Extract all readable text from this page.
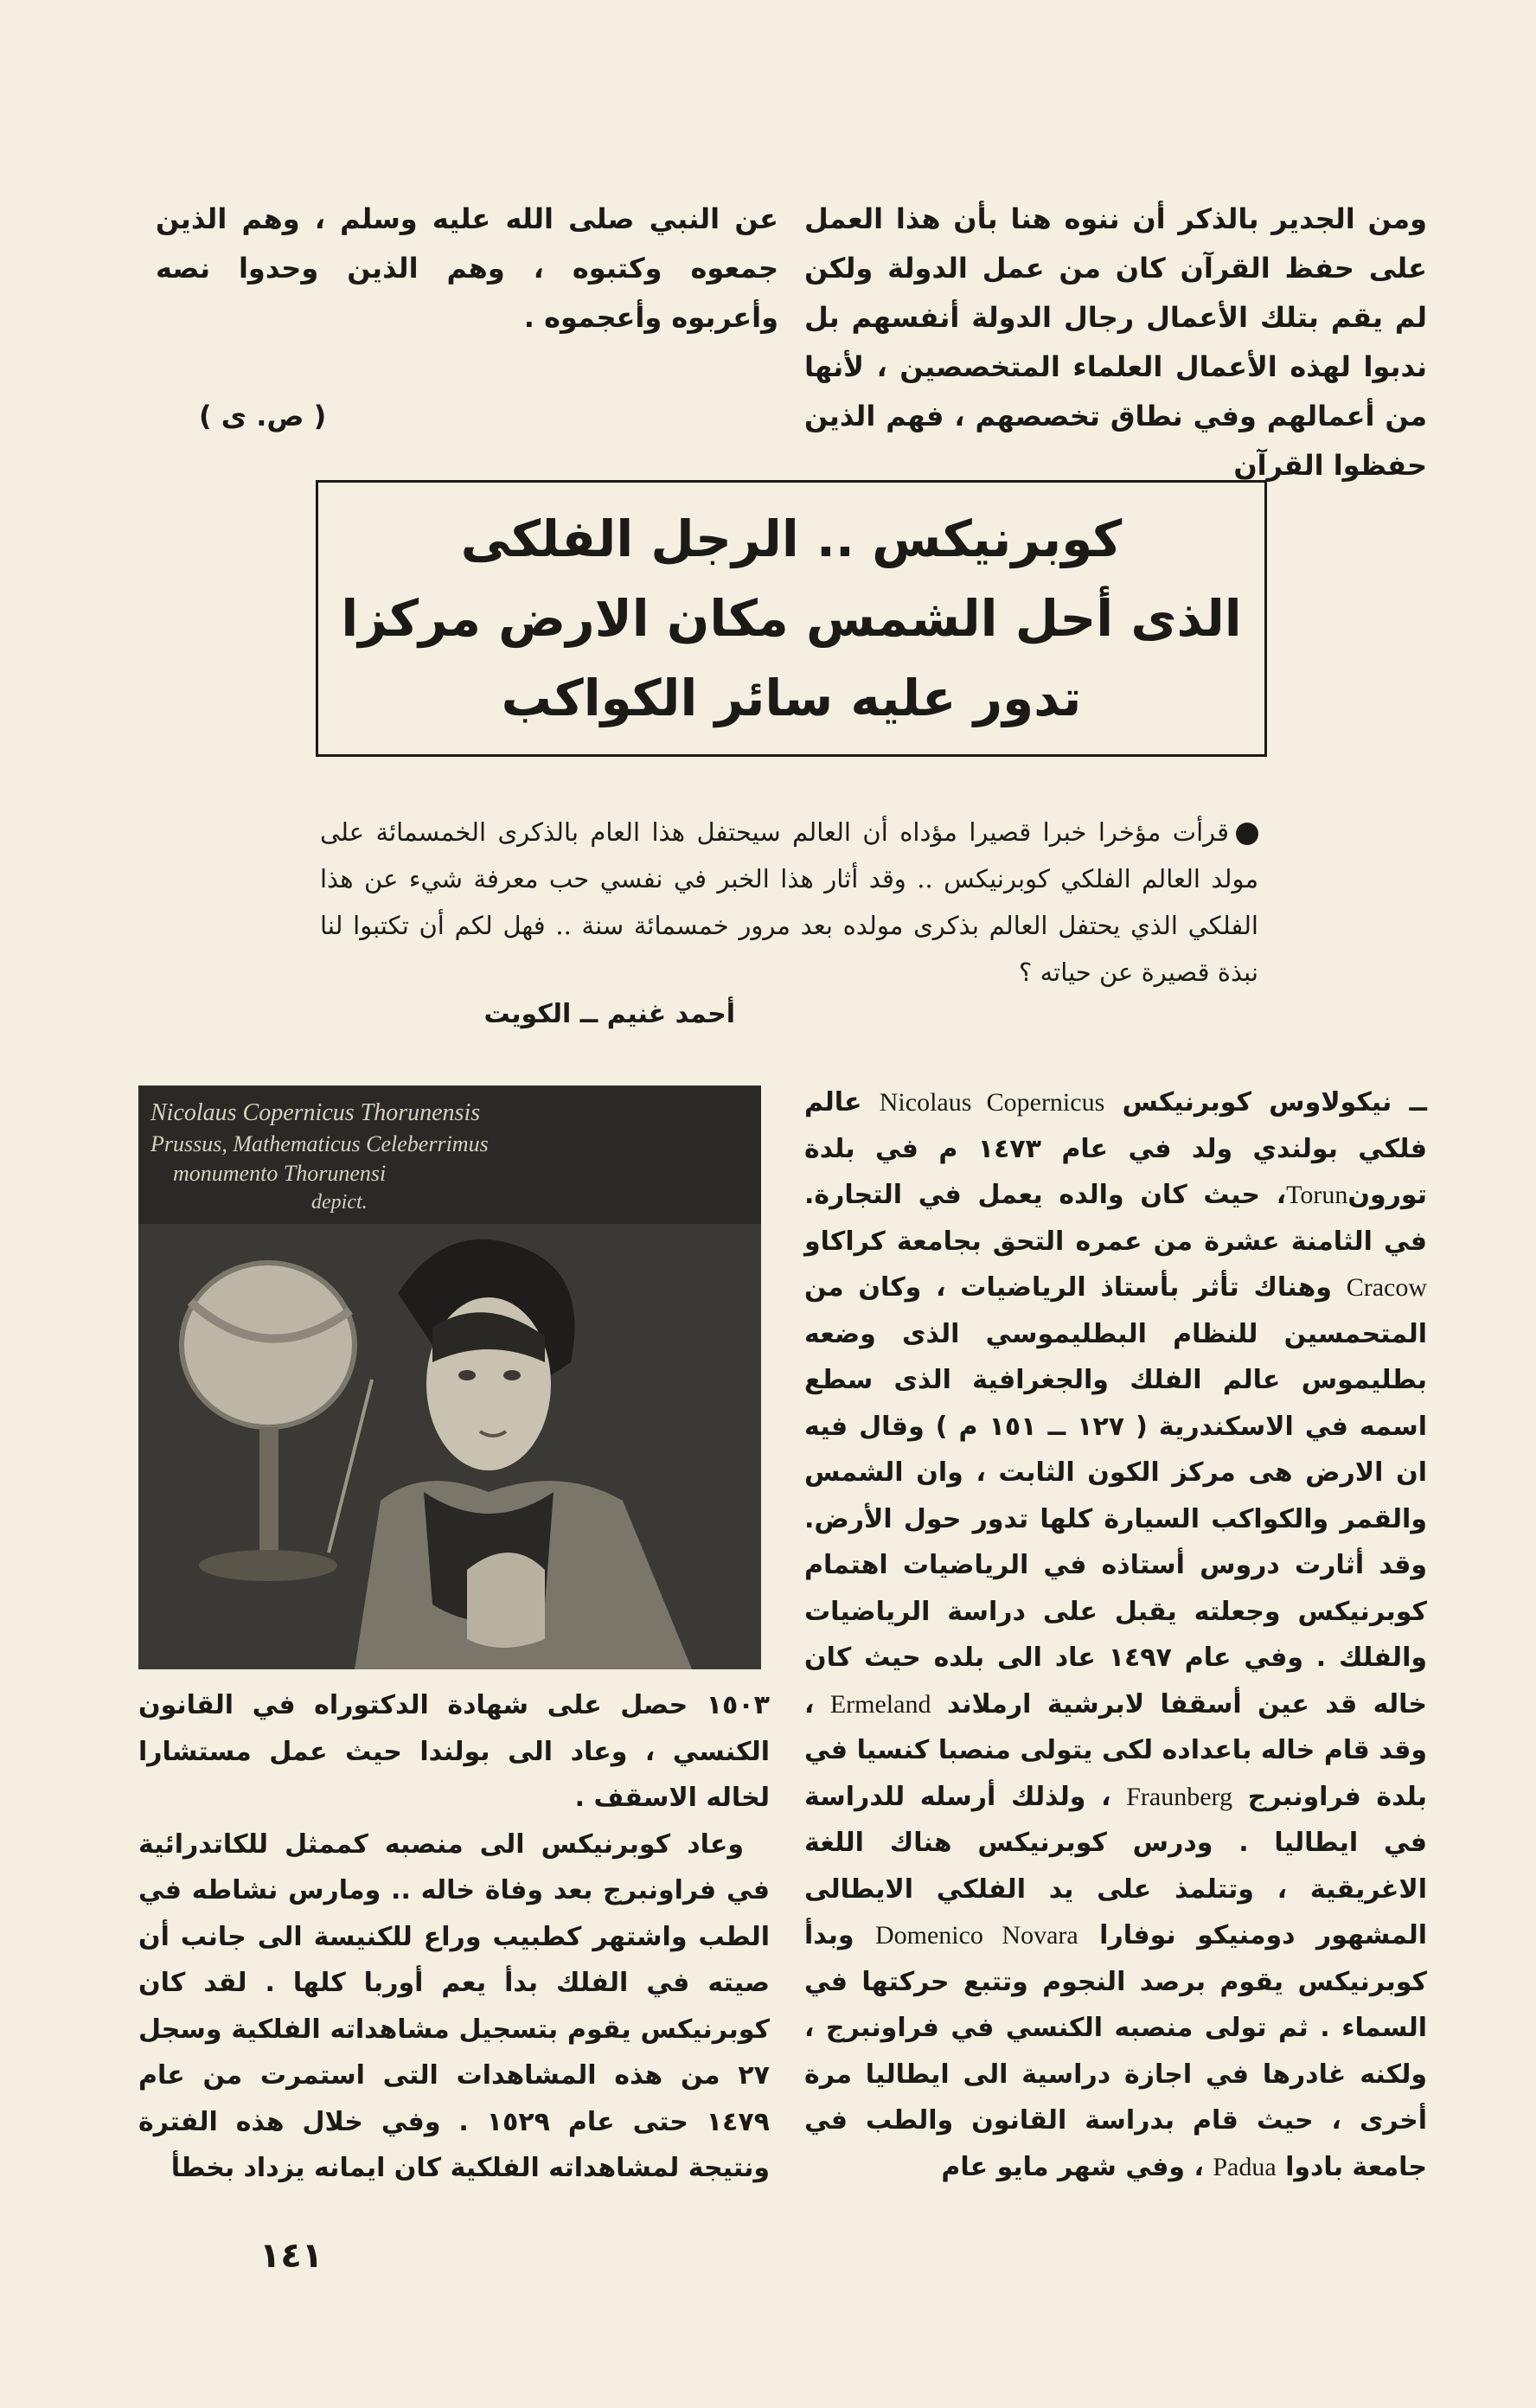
ومن الجدير بالذكر أن ننوه هنا بأن هذا العمل على حفظ القرآن كان من عمل الدولة ولكن لم يقم بتلك الأعمال رجال الدولة أنفسهم بل ندبوا لهذه الأعمال العلماء المتخصصين ، لأنها من أعمالهم وفي نطاق تخصصهم ، فهم الذين حفظوا القرآن

عن النبي صلى الله عليه وسلم ، وهم الذين جمعوه وكتبوه ، وهم الذين وحدوا نصه وأعربوه وأعجموه .

( ص. ى )
كوبرنيكس .. الرجل الفلكى
الذى أحل الشمس مكان الارض مركزا
تدور عليه سائر الكواكب
قرأت مؤخرا خبرا قصيرا مؤداه أن العالم سيحتفل هذا العام بالذكرى الخمسمائة على مولد العالم الفلكي كوبرنيكس .. وقد أثار هذا الخبر في نفسي حب معرفة شيء عن هذا الفلكي الذي يحتفل العالم بذكرى مولده بعد مرور خمسمائة سنة .. فهل لكم أن تكتبوا لنا نبذة قصيرة عن حياته ؟
أحمد غنيم ــ الكويت
Nicolaus Copernicus Thorunensis
Prussus, Mathematicus Celeberrimus
monumento Thorunensi
depict.

ــ نيكولاوس كوبرنيكس Nicolaus Copernicus عالم فلكي بولندي ولد في عام ١٤٧٣ م في بلدة تورونTorun، حيث كان والده يعمل في التجارة. في الثامنة عشرة من عمره التحق بجامعة كراكاو Cracow وهناك تأثر بأستاذ الرياضيات ، وكان من المتحمسين للنظام البطليموسي الذى وضعه بطليموس عالم الفلك والجغرافية الذى سطع اسمه في الاسكندرية ( ١٢٧ ــ ١٥١ م ) وقال فيه ان الارض هى مركز الكون الثابت ، وان الشمس والقمر والكواكب السيارة كلها تدور حول الأرض. وقد أثارت دروس أستاذه في الرياضيات اهتمام كوبرنيكس وجعلته يقبل على دراسة الرياضيات والفلك . وفي عام ١٤٩٧ عاد الى بلده حيث كان خاله قد عين أسقفا لابرشية ارملاند Ermeland ، وقد قام خاله باعداده لكى يتولى منصبا كنسيا في بلدة فراونبرج Fraunberg ، ولذلك أرسله للدراسة في ايطاليا . ودرس كوبرنيكس هناك اللغة الاغريقية ، وتتلمذ على يد الفلكي الايطالى المشهور دومنيكو نوفارا Domenico Novara وبدأ كوبرنيكس يقوم برصد النجوم وتتبع حركتها في السماء . ثم تولى منصبه الكنسي في فراونبرج ، ولكنه غادرها في اجازة دراسية الى ايطاليا مرة أخرى ، حيث قام بدراسة القانون والطب في جامعة بادوا Padua ، وفي شهر مايو عام

١٥٠٣ حصل على شهادة الدكتوراه في القانون الكنسي ، وعاد الى بولندا حيث عمل مستشارا لخاله الاسقف .

وعاد كوبرنيكس الى منصبه كممثل للكاتدرائية في فراونبرج بعد وفاة خاله .. ومارس نشاطه في الطب واشتهر كطبيب وراع للكنيسة الى جانب أن صيته في الفلك بدأ يعم أوربا كلها . لقد كان كوبرنيكس يقوم بتسجيل مشاهداته الفلكية وسجل ٢٧ من هذه المشاهدات التى استمرت من عام ١٤٧٩ حتى عام ١٥٢٩ . وفي خلال هذه الفترة ونتيجة لمشاهداته الفلكية كان ايمانه يزداد بخطأ

١٤١
